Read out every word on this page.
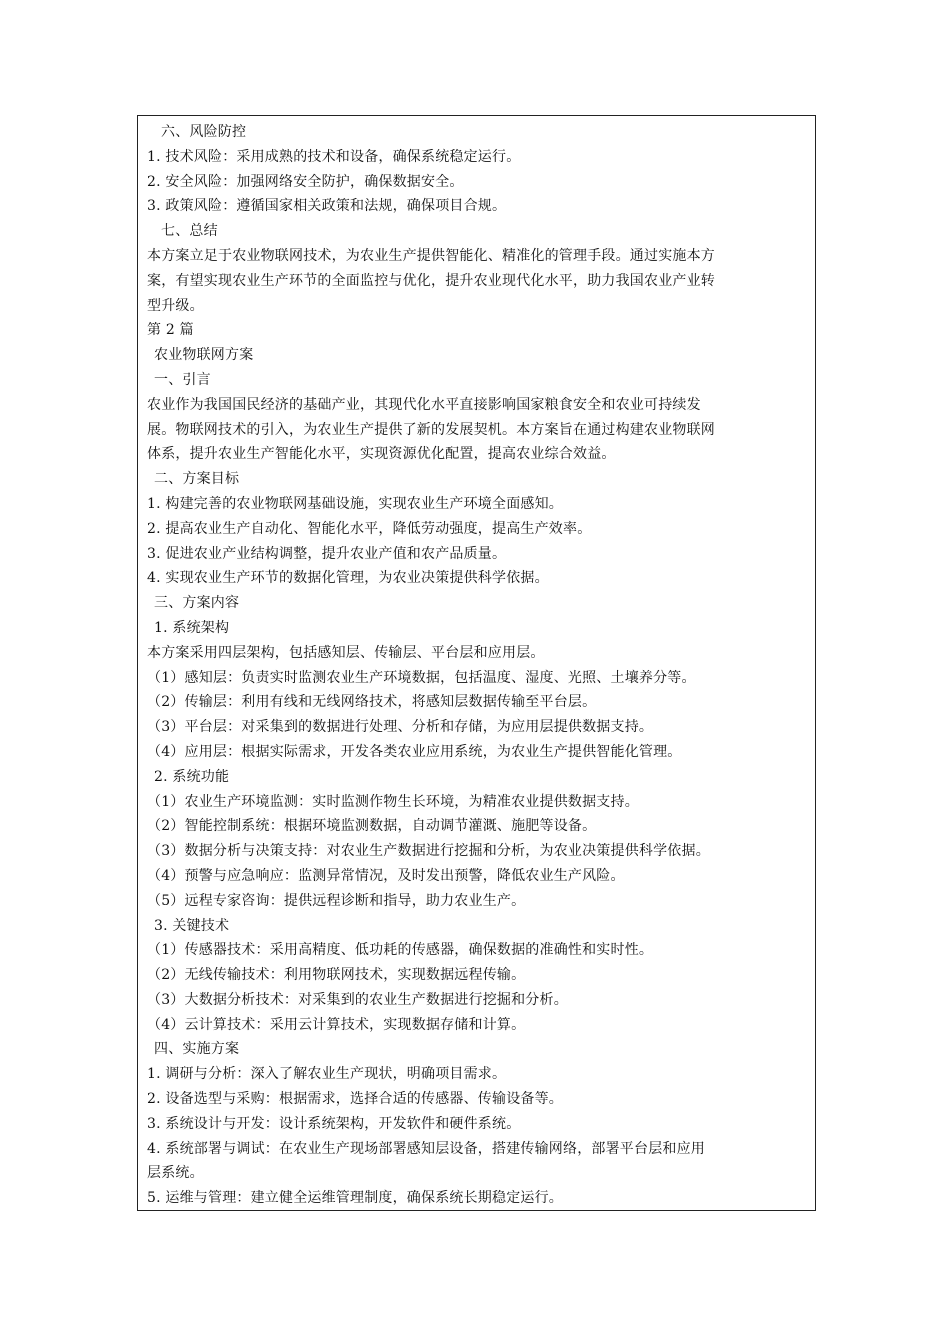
六、风险防控
1. 技术风险：采用成熟的技术和设备，确保系统稳定运行。
2. 安全风险：加强网络安全防护，确保数据安全。
3. 政策风险：遵循国家相关政策和法规，确保项目合规。
七、总结
本方案立足于农业物联网技术，为农业生产提供智能化、精准化的管理手段。通过实施本方
案，有望实现农业生产环节的全面监控与优化，提升农业现代化水平，助力我国农业产业转
型升级。
第 2 篇
农业物联网方案
一、引言
农业作为我国国民经济的基础产业，其现代化水平直接影响国家粮食安全和农业可持续发
展。物联网技术的引入，为农业生产提供了新的发展契机。本方案旨在通过构建农业物联网
体系，提升农业生产智能化水平，实现资源优化配置，提高农业综合效益。
二、方案目标
1. 构建完善的农业物联网基础设施，实现农业生产环境全面感知。
2. 提高农业生产自动化、智能化水平，降低劳动强度，提高生产效率。
3. 促进农业产业结构调整，提升农业产值和农产品质量。
4. 实现农业生产环节的数据化管理，为农业决策提供科学依据。
三、方案内容
1. 系统架构
本方案采用四层架构，包括感知层、传输层、平台层和应用层。
（1）感知层：负责实时监测农业生产环境数据，包括温度、湿度、光照、土壤养分等。
（2）传输层：利用有线和无线网络技术，将感知层数据传输至平台层。
（3）平台层：对采集到的数据进行处理、分析和存储，为应用层提供数据支持。
（4）应用层：根据实际需求，开发各类农业应用系统，为农业生产提供智能化管理。
2. 系统功能
（1）农业生产环境监测：实时监测作物生长环境，为精准农业提供数据支持。
（2）智能控制系统：根据环境监测数据，自动调节灌溉、施肥等设备。
（3）数据分析与决策支持：对农业生产数据进行挖掘和分析，为农业决策提供科学依据。
（4）预警与应急响应：监测异常情况，及时发出预警，降低农业生产风险。
（5）远程专家咨询：提供远程诊断和指导，助力农业生产。
3. 关键技术
（1）传感器技术：采用高精度、低功耗的传感器，确保数据的准确性和实时性。
（2）无线传输技术：利用物联网技术，实现数据远程传输。
（3）大数据分析技术：对采集到的农业生产数据进行挖掘和分析。
（4）云计算技术：采用云计算技术，实现数据存储和计算。
四、实施方案
1. 调研与分析：深入了解农业生产现状，明确项目需求。
2. 设备选型与采购：根据需求，选择合适的传感器、传输设备等。
3. 系统设计与开发：设计系统架构，开发软件和硬件系统。
4. 系统部署与调试：在农业生产现场部署感知层设备，搭建传输网络，部署平台层和应用
层系统。
5. 运维与管理：建立健全运维管理制度，确保系统长期稳定运行。
